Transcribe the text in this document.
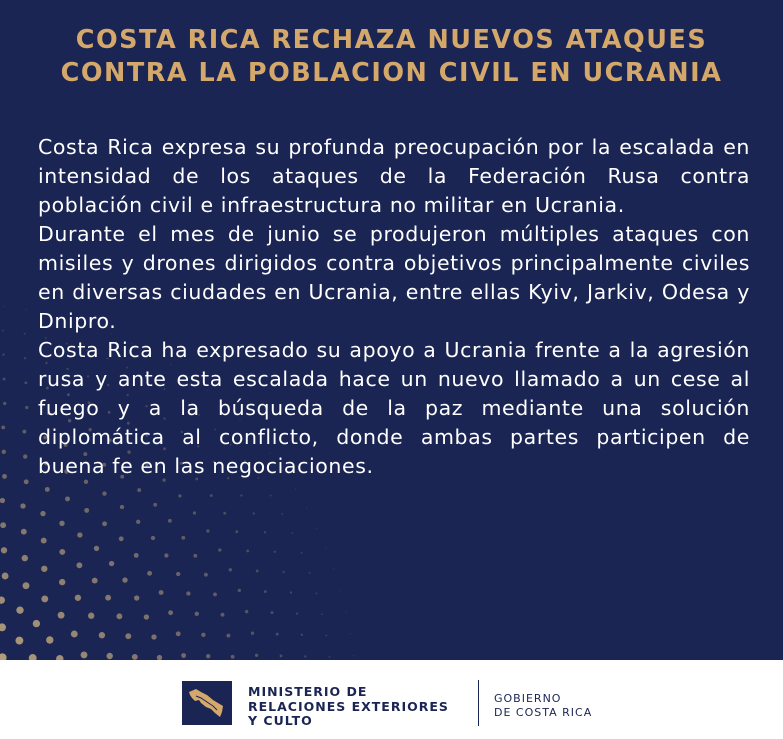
COSTA RICA RECHAZA NUEVOS ATAQUES
CONTRA LA POBLACION CIVIL EN UCRANIA

Costa Rica expresa su profunda preocupación por la escalada en intensidad de los ataques de la Federación Rusa contra población civil e infraestructura no militar en Ucrania.

Durante el mes de junio se produjeron múltiples ataques con misiles y drones dirigidos contra objetivos principalmente civiles en diversas ciudades en Ucrania, entre ellas Kyiv, Jarkiv, Odesa y Dnipro.

Costa Rica ha expresado su apoyo a Ucrania frente a la agresión rusa y ante esta escalada hace un nuevo llamado a un cese al fuego y a la búsqueda de la paz mediante una solución diplomática al conflicto, donde ambas partes participen de buena fe en las negociaciones.

MINISTERIO DE
RELACIONES EXTERIORES
Y CULTO
GOBIERNO
DE COSTA RICA
